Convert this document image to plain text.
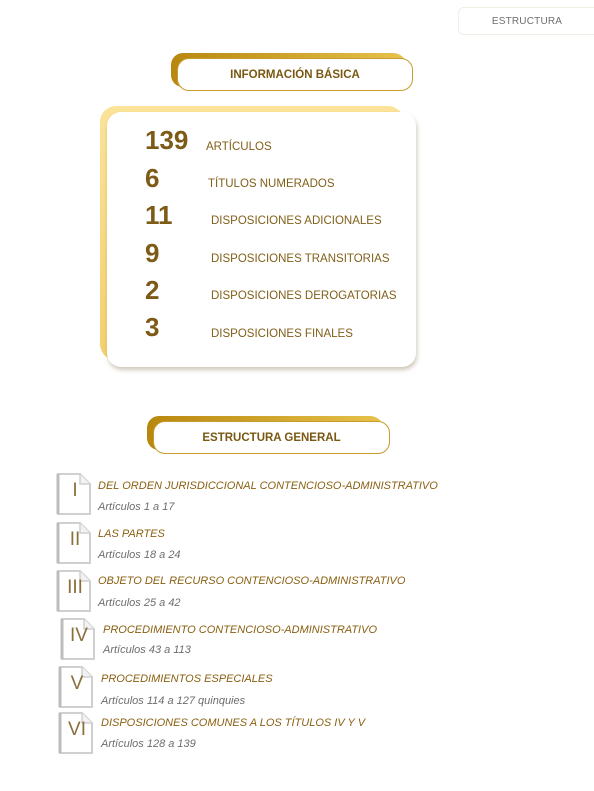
ESTRUCTURA
INFORMACIÓN BÁSICA
139 ARTÍCULOS
6	TÍTULOS NUMERADOS
11	DISPOSICIONES ADICIONALES
9	DISPOSICIONES TRANSITORIAS
2	DISPOSICIONES DEROGATORIAS
3	DISPOSICIONES FINALES
ESTRUCTURA GENERAL
I	DEL ORDEN JURISDICCIONAL CONTENCIOSO-ADMINISTRATIVO
Artículos 1 a 17
II	LAS PARTES
Artículos 18 a 24
III	OBJETO DEL RECURSO CONTENCIOSO-ADMINISTRATIVO
Artículos 25 a 42
IV	PROCEDIMIENTO CONTENCIOSO-ADMINISTRATIVO
Artículos 43 a 113
V	PROCEDIMIENTOS ESPECIALES
Artículos 114 a 127 quinquies
VI	DISPOSICIONES COMUNES A LOS TÍTULOS IV Y V
Artículos 128 a 139
